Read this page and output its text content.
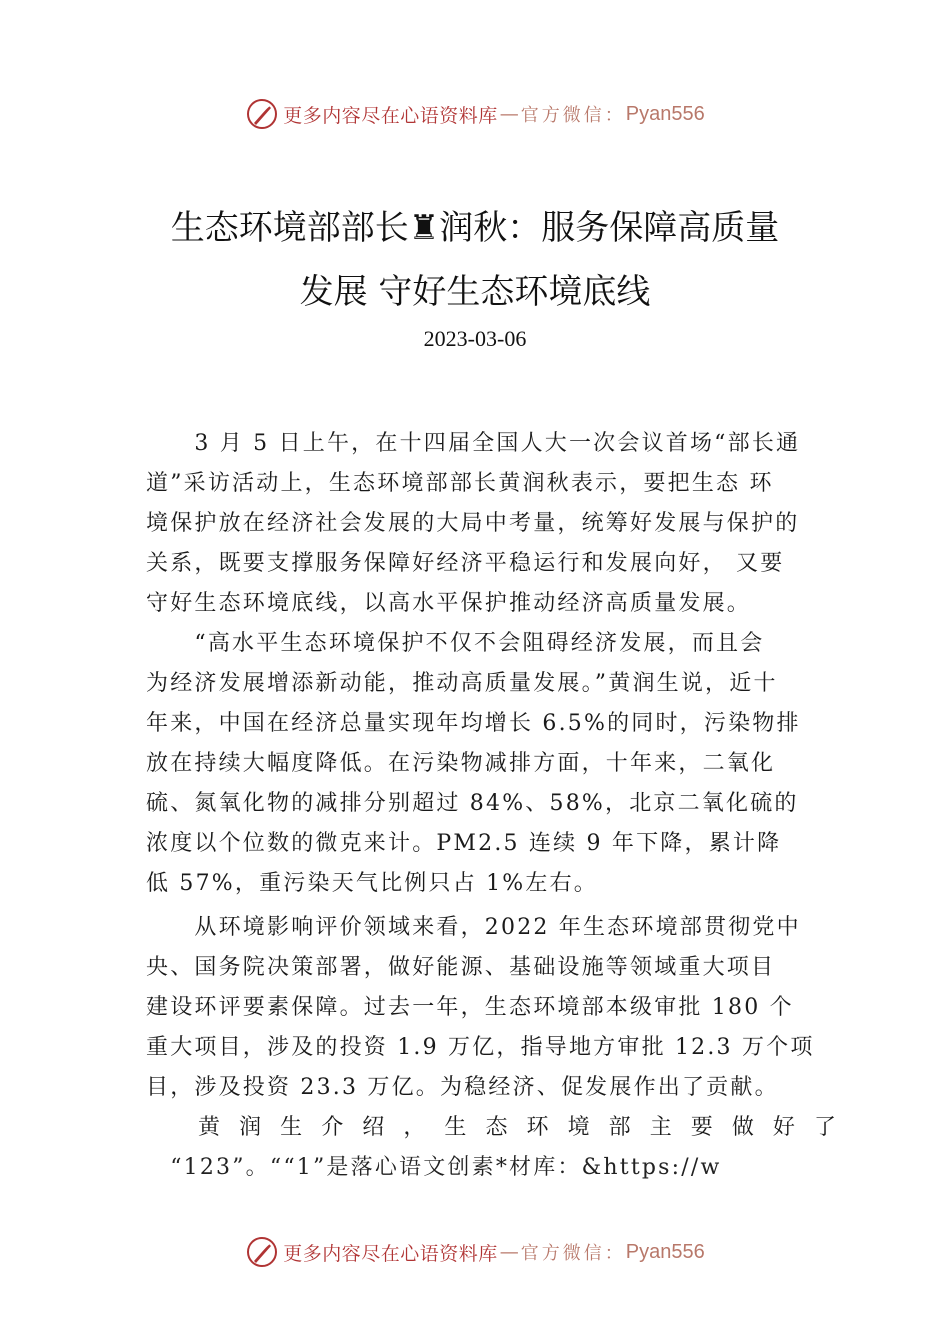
更多内容尽在心语资料库 — 官方微信： Pyan556
生态环境部部长♜润秋：服务保障高质量
发展 守好生态环境底线
2023-03-06
　　3 月 5 日上午，在十四届全国人大一次会议首场“部长通
道”采访活动上，生态环境部部长黄润秋表示，要把生态 环
境保护放在经济社会发展的大局中考量，统筹好发展与保护的
关系，既要支撑服务保障好经济平稳运行和发展向好， 又要
守好生态环境底线，以高水平保护推动经济高质量发展。
　　“高水平生态环境保护不仅不会阻碍经济发展，而且会
为经济发展增添新动能，推动高质量发展。”黄润生说，近十
年来，中国在经济总量实现年均增长 6.5%的同时，污染物排
放在持续大幅度降低。在污染物减排方面，十年来，二氧化
硫、氮氧化物的减排分别超过 84%、58%，北京二氧化硫的
浓度以个位数的微克来计。PM2.5 连续 9 年下降，累计降
低 57%，重污染天气比例只占 1%左右。
　　从环境影响评价领域来看，2022 年生态环境部贯彻党中
央、国务院决策部署，做好能源、基础设施等领域重大项目
建设环评要素保障。过去一年，生态环境部本级审批 180 个
重大项目，涉及的投资 1.9 万亿，指导地方审批 12.3 万个项
目，涉及投资 23.3 万亿。为稳经济、促发展作出了贡献。
黄 润 生 介 绍 ， 生 态 环 境 部 主 要 做 好 了
　“123”。““1”是落心语文创素*材库：&https://w
更多内容尽在心语资料库 — 官方微信： Pyan556
